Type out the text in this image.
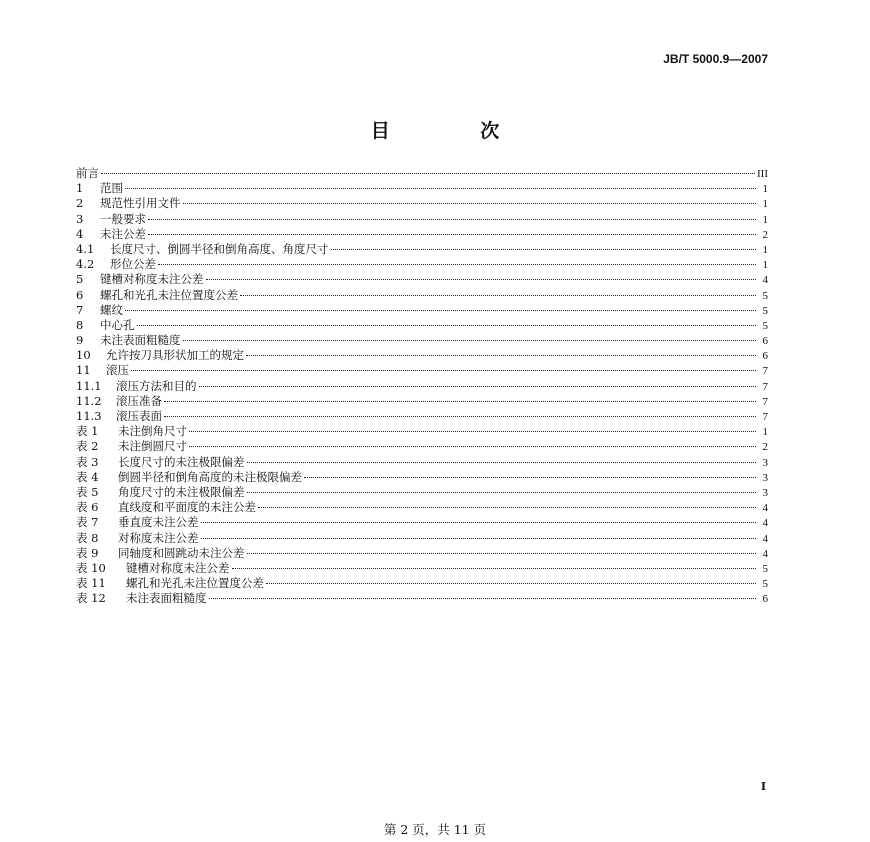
JB/T 5000.9—2007
目 次
前言	III
1	范围	1
2	规范性引用文件	1
3	一般要求	1
4	未注公差	2
4.1	长度尺寸、倒圆半径和倒角高度、角度尺寸	1
4.2	形位公差	1
5	键槽对称度未注公差	4
6	螺孔和光孔未注位置度公差	5
7	螺纹	5
8	中心孔	5
9	未注表面粗糙度	6
10	允许按刀具形状加工的规定	6
11	滚压	7
11.1	滚压方法和目的	7
11.2	滚压准备	7
11.3	滚压表面	7
表 1	未注倒角尺寸	1
表 2	未注倒圆尺寸	2
表 3	长度尺寸的未注极限偏差	3
表 4	倒圆半径和倒角高度的未注极限偏差	3
表 5	角度尺寸的未注极限偏差	3
表 6	直线度和平面度的未注公差	4
表 7	垂直度未注公差	4
表 8	对称度未注公差	4
表 9	同轴度和圆跳动未注公差	4
表 10	键槽对称度未注公差	5
表 11	螺孔和光孔未注位置度公差	5
表 12	未注表面粗糙度	6
I
第 2 页，共 11 页
